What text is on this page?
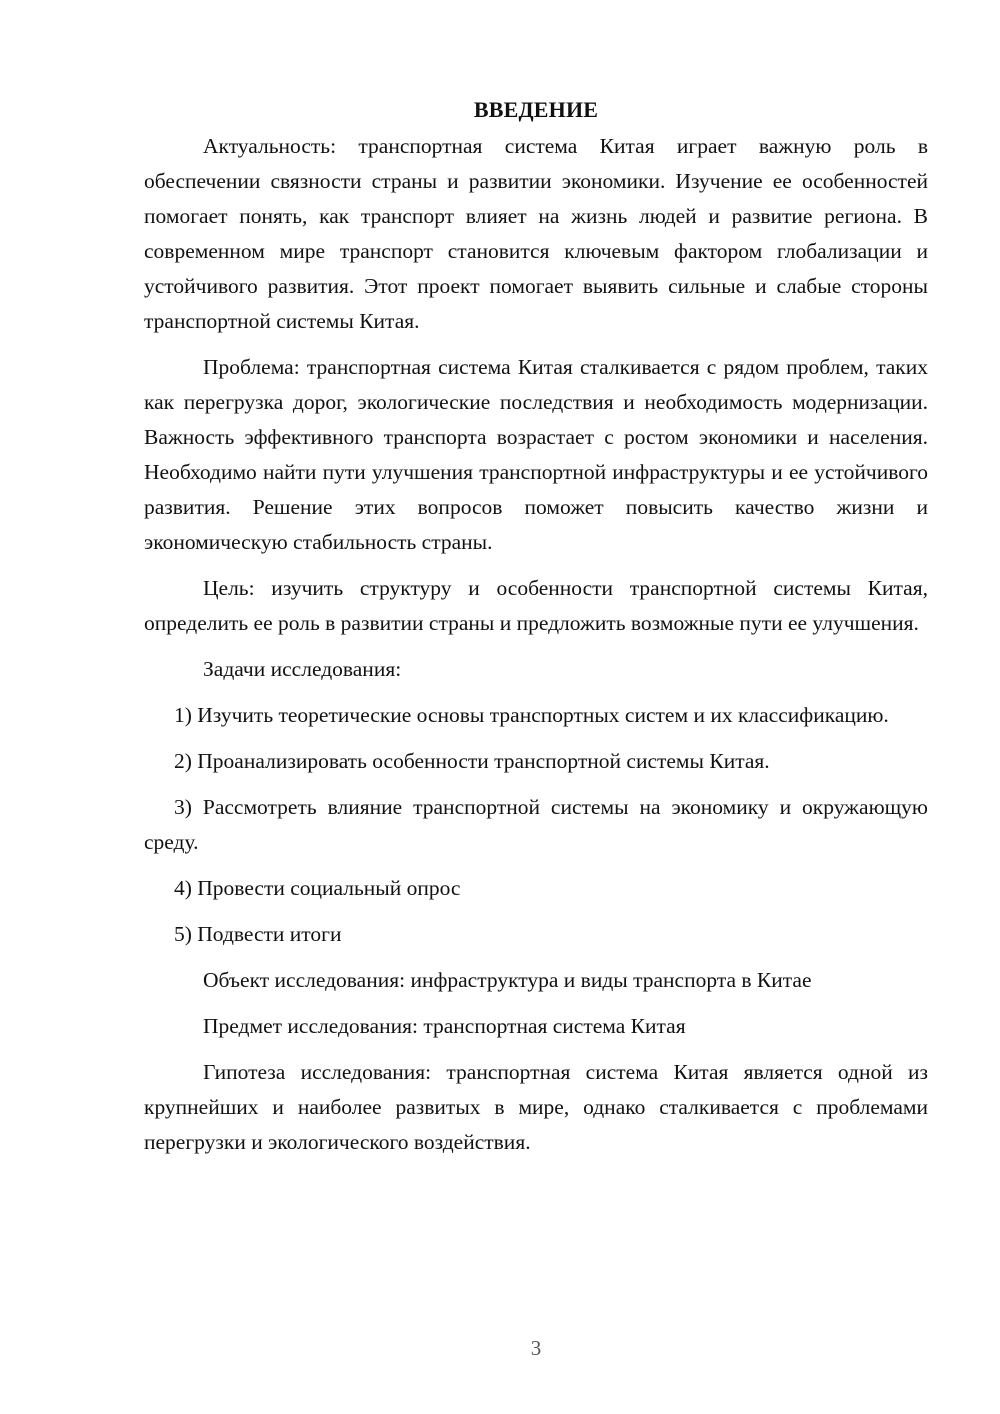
ВВЕДЕНИЕ

Актуальность: транспортная система Китая играет важную роль в обеспечении связности страны и развитии экономики. Изучение ее особенностей помогает понять, как транспорт влияет на жизнь людей и развитие региона. В современном мире транспорт становится ключевым фактором глобализации и устойчивого развития. Этот проект помогает выявить сильные и слабые стороны транспортной системы Китая.

Проблема: транспортная система Китая сталкивается с рядом проблем, таких как перегрузка дорог, экологические последствия и необходимость модернизации. Важность эффективного транспорта возрастает с ростом экономики и населения. Необходимо найти пути улучшения транспортной инфраструктуры и ее устойчивого развития. Решение этих вопросов поможет повысить качество жизни и экономическую стабильность страны.

Цель: изучить структуру и особенности транспортной системы Китая, определить ее роль в развитии страны и предложить возможные пути ее улучшения.

Задачи исследования:

1) Изучить теоретические основы транспортных систем и их классификацию.

2) Проанализировать особенности транспортной системы Китая.

3) Рассмотреть влияние транспортной системы на экономику и окружающую среду.

4) Провести социальный опрос

5) Подвести итоги

Объект исследования: инфраструктура и виды транспорта в Китае

Предмет исследования: транспортная система Китая

Гипотеза исследования: транспортная система Китая является одной из крупнейших и наиболее развитых в мире, однако сталкивается с проблемами перегрузки и экологического воздействия.

3
